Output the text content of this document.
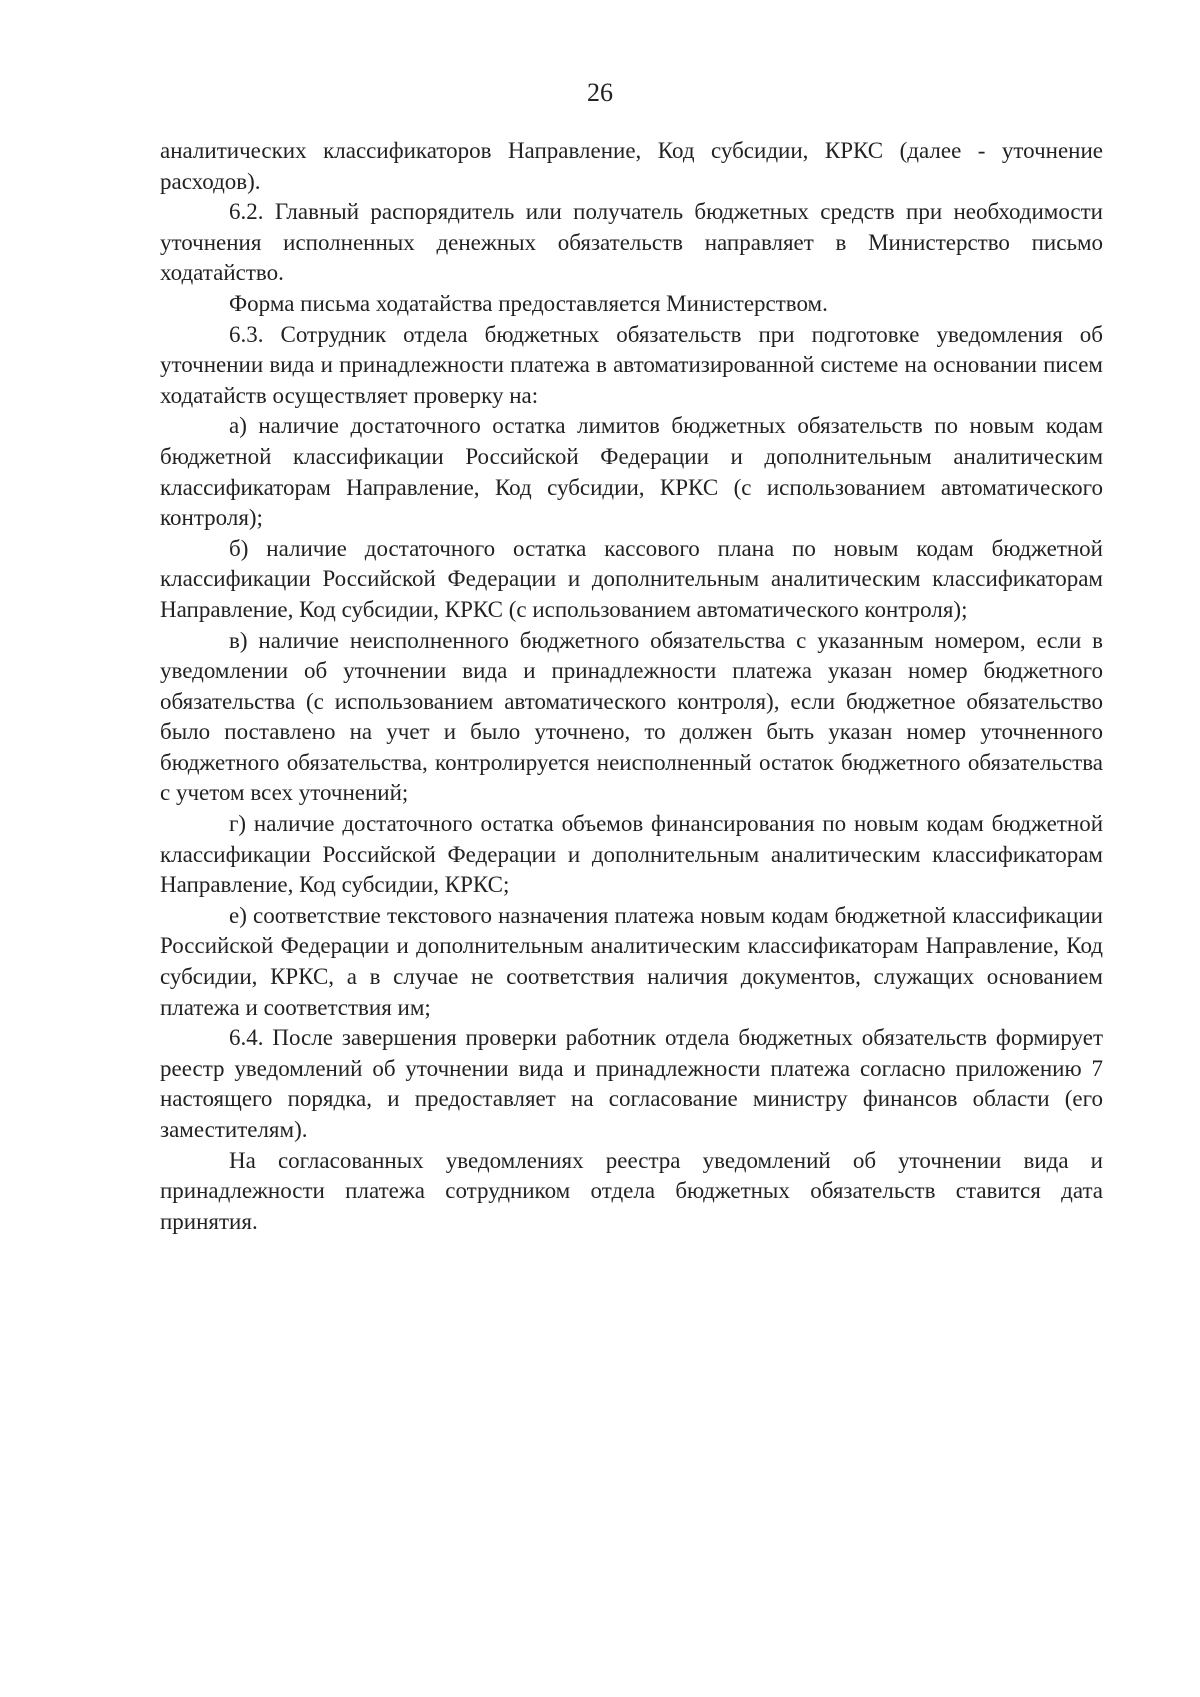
26

аналитических классификаторов Направление, Код субсидии, КРКС (далее - уточнение расходов).

6.2. Главный распорядитель или получатель бюджетных средств при необходимости уточнения исполненных денежных обязательств направляет в Министерство письмо ходатайство.

Форма письма ходатайства предоставляется Министерством.

6.3. Сотрудник отдела бюджетных обязательств при подготовке уведомления об уточнении вида и принадлежности платежа в автоматизированной системе на основании писем ходатайств осуществляет проверку на:

а) наличие достаточного остатка лимитов бюджетных обязательств по новым кодам бюджетной классификации Российской Федерации и дополнительным аналитическим классификаторам Направление, Код субсидии, КРКС (с использованием автоматического контроля);

б) наличие достаточного остатка кассового плана по новым кодам бюджетной классификации Российской Федерации и дополнительным аналитическим классификаторам Направление, Код субсидии, КРКС (с использованием автоматического контроля);

в) наличие неисполненного бюджетного обязательства с указанным номером, если в уведомлении об уточнении вида и принадлежности платежа указан номер бюджетного обязательства (с использованием автоматического контроля), если бюджетное обязательство было поставлено на учет и было уточнено, то должен быть указан номер уточненного бюджетного обязательства, контролируется неисполненный остаток бюджетного обязательства с учетом всех уточнений;

г) наличие достаточного остатка объемов финансирования по новым кодам бюджетной классификации Российской Федерации и дополнительным аналитическим классификаторам Направление, Код субсидии, КРКС;

е) соответствие текстового назначения платежа новым кодам бюджетной классификации Российской Федерации и дополнительным аналитическим классификаторам Направление, Код субсидии, КРКС, а в случае не соответствия наличия документов, служащих основанием платежа и соответствия им;

6.4. После завершения проверки работник отдела бюджетных обязательств формирует реестр уведомлений об уточнении вида и принадлежности платежа согласно приложению 7 настоящего порядка, и предоставляет на согласование министру финансов области (его заместителям).

На согласованных уведомлениях реестра уведомлений об уточнении вида и принадлежности платежа сотрудником отдела бюджетных обязательств ставится дата принятия.
